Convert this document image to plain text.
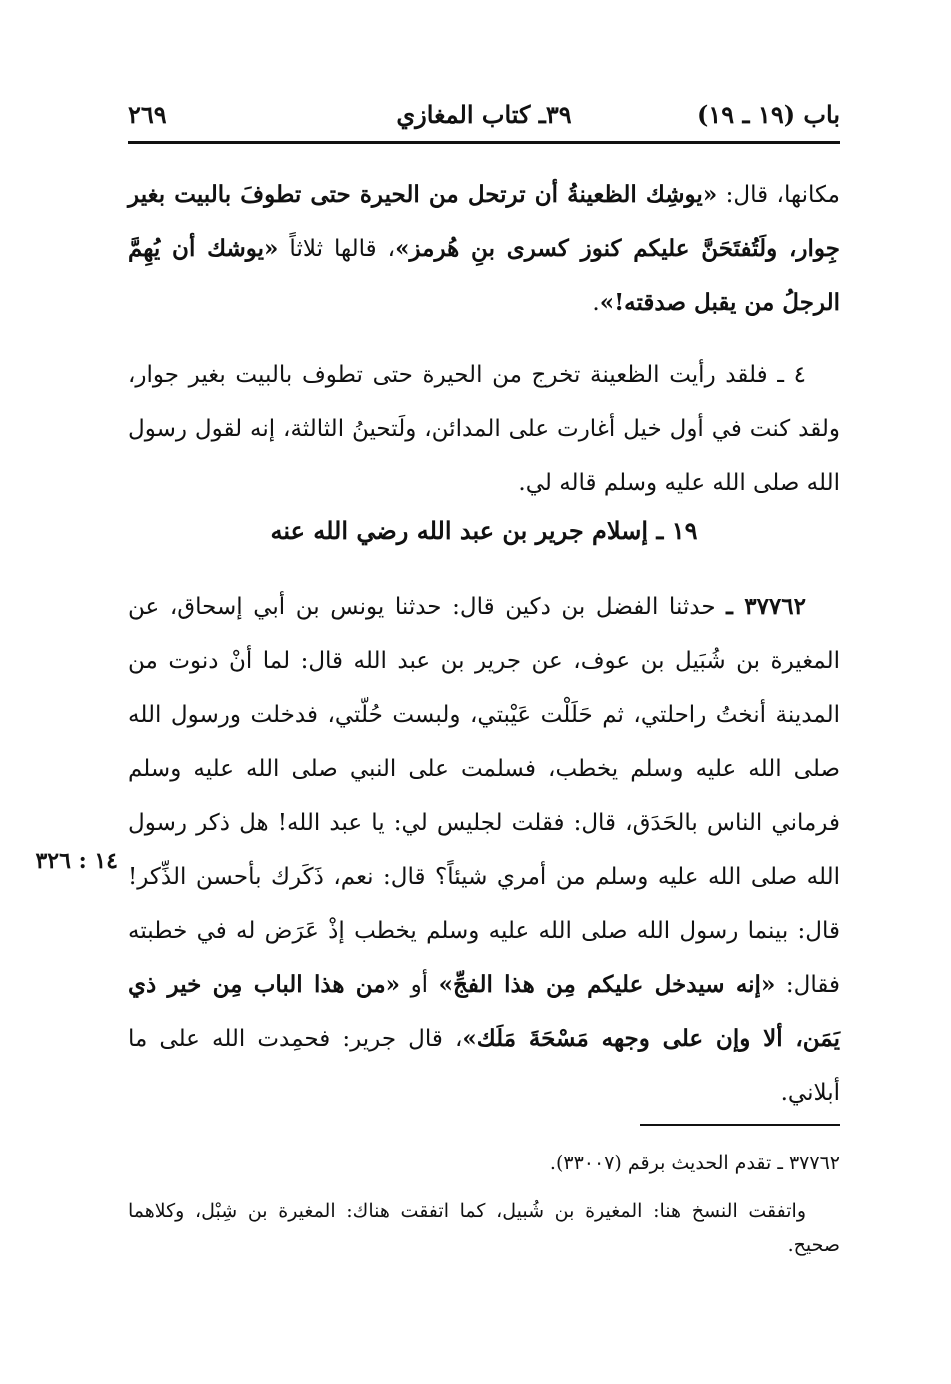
باب (١٩ ـ ١٩)
٣٩ـ كتاب المغازي
٢٦٩

مكانها، قال: «يوشِك الظعينةُ أن ترتحل من الحيرة حتى تطوفَ بالبيت بغير جِوار، ولَتُفتَحَنَّ عليكم كنوز كسرى بنِ هُرمز»، قالها ثلاثاً «يوشك أن يُهِمَّ الرجلُ من يقبل صدقته!».

٤ ـ فلقد رأيت الظعينة تخرج من الحيرة حتى تطوف بالبيت بغير جوار، ولقد كنت في أول خيل أغارت على المدائن، ولَتحينُ الثالثة، إنه لقول رسول الله صلى الله عليه وسلم قاله لي.

١٩ ـ إسلام جرير بن عبد الله رضي الله عنه

٣٧٧٦٢ ـ حدثنا الفضل بن دكين قال: حدثنا يونس بن أبي إسحاق، عن المغيرة بن شُبَيل بن عوف، عن جرير بن عبد الله قال: لما أنْ دنوت من المدينة أنختُ راحلتي، ثم حَلَلْت عَيْبتي، ولبست حُلّتي، فدخلت ورسول الله صلى الله عليه وسلم يخطب، فسلمت على النبي صلى الله عليه وسلم فرماني الناس بالحَدَق، قال: فقلت لجليس لي: يا عبد الله! هل ذكر رسول الله صلى الله عليه وسلم من أمري شيئاً؟ قال: نعم، ذَكَرك بأحسن الذِّكر! قال: بينما رسول الله صلى الله عليه وسلم يخطب إذْ عَرَض له في خطبته فقال: «إنه سيدخل عليكم مِن هذا الفجِّ» أو «من هذا الباب مِن خير ذي يَمَن، ألا وإن على وجهه مَسْحَةَ مَلَك»، قال جرير: فحمِدت الله على ما أبلاني.

١٤ : ٣٢٦

٣٧٧٦٢ ـ تقدم الحديث برقم (٣٣٠٠٧).

واتفقت النسخ هنا: المغيرة بن شُبيل، كما اتفقت هناك: المغيرة بن شِبْل، وكلاهما صحيح.
